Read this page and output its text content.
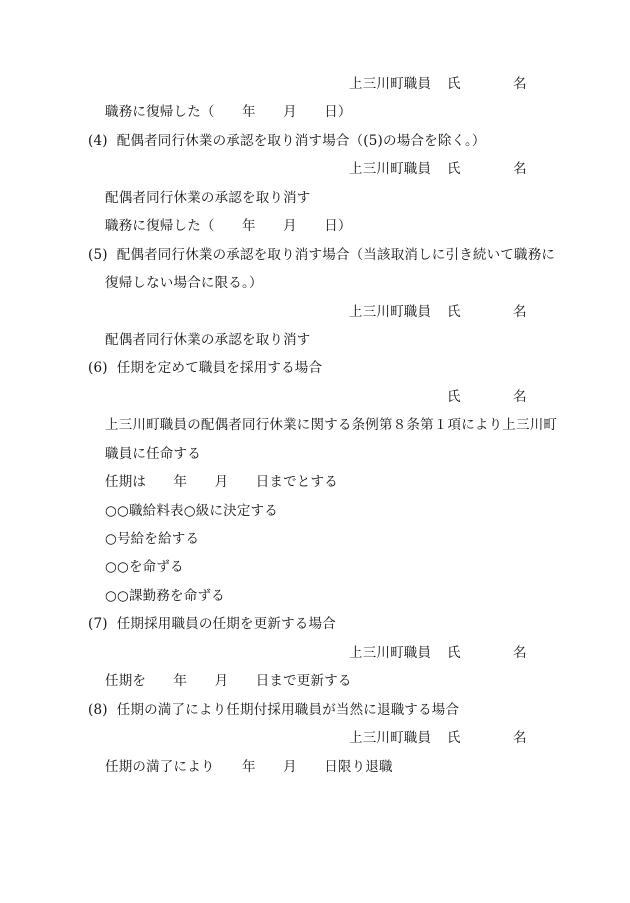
上三川町職員 氏	名
職務に復帰した（　　年　　月　　日）
(4)  配偶者同行休業の承認を取り消す場合（(5)の場合を除く。）
上三川町職員 氏	名
配偶者同行休業の承認を取り消す
職務に復帰した（　　年　　月　　日）
(5)  配偶者同行休業の承認を取り消す場合（当該取消しに引き続いて職務に
復帰しない場合に限る。）
上三川町職員 氏	名
配偶者同行休業の承認を取り消す
(6)  任期を定めて職員を採用する場合
氏	名
上三川町職員の配偶者同行休業に関する条例第８条第１項により上三川町
職員に任命する
任期は　　年　　月　　日までとする
○○職給料表○級に決定する
○号給を給する
○○を命ずる
○○課勤務を命ずる
(7)  任期採用職員の任期を更新する場合
上三川町職員 氏	名
任期を　　年　　月　　日まで更新する
(8)  任期の満了により任期付採用職員が当然に退職する場合
上三川町職員 氏	名
任期の満了により　　年　　月　　日限り退職
